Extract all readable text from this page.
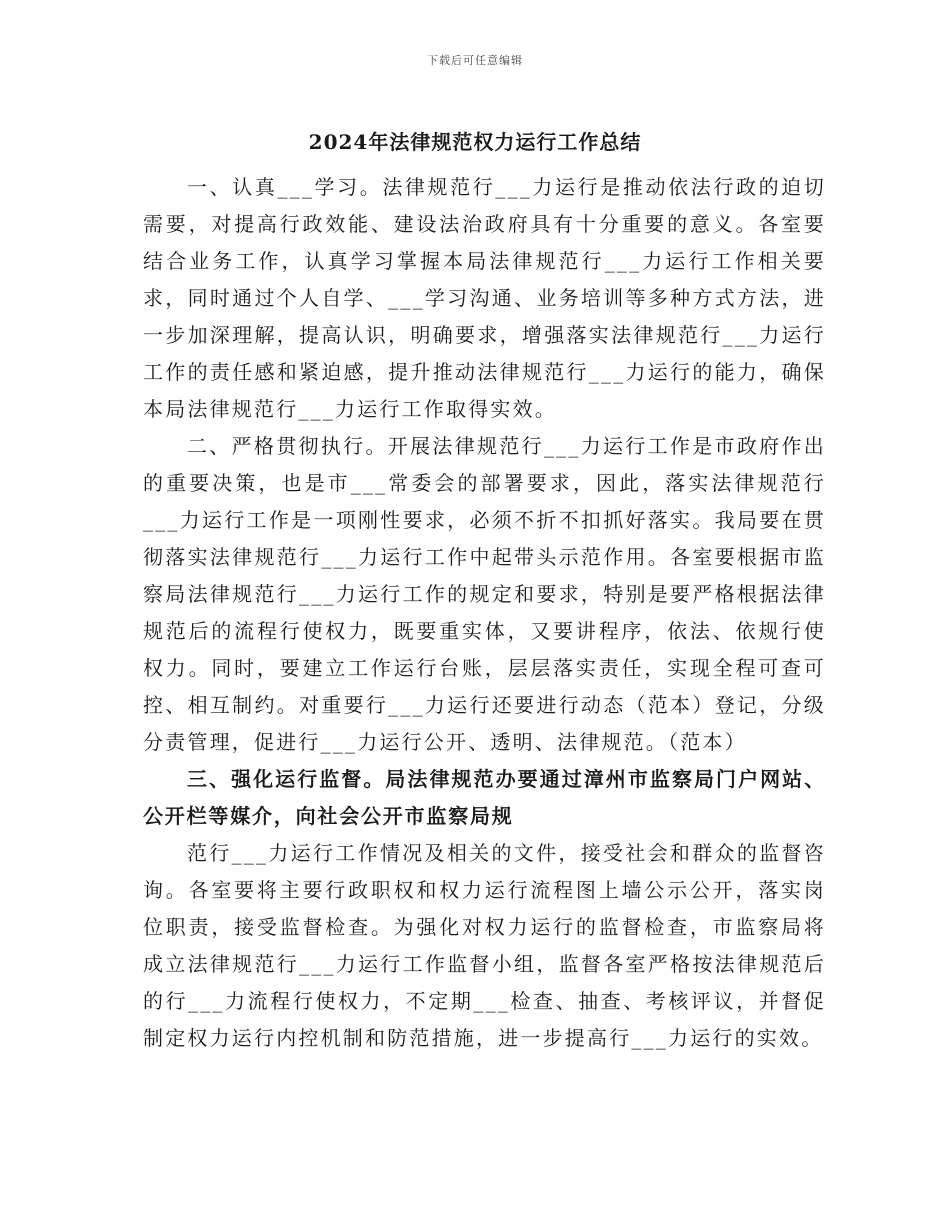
下载后可任意编辑
2024年法律规范权力运行工作总结

一、认真___学习。法律规范行___力运行是推动依法行政的迫切需要，对提高行政效能、建设法治政府具有十分重要的意义。各室要结合业务工作，认真学习掌握本局法律规范行___力运行工作相关要求，同时通过个人自学、___学习沟通、业务培训等多种方式方法，进一步加深理解，提高认识，明确要求，增强落实法律规范行___力运行工作的责任感和紧迫感，提升推动法律规范行___力运行的能力，确保本局法律规范行___力运行工作取得实效。

二、严格贯彻执行。开展法律规范行___力运行工作是市政府作出的重要决策，也是市___常委会的部署要求，因此，落实法律规范行___力运行工作是一项刚性要求，必须不折不扣抓好落实。我局要在贯彻落实法律规范行___力运行工作中起带头示范作用。各室要根据市监察局法律规范行___力运行工作的规定和要求，特别是要严格根据法律规范后的流程行使权力，既要重实体，又要讲程序，依法、依规行使权力。同时，要建立工作运行台账，层层落实责任，实现全程可查可控、相互制约。对重要行___力运行还要进行动态（范本）登记，分级分责管理，促进行___力运行公开、透明、法律规范。（范本）

三、强化运行监督。局法律规范办要通过漳州市监察局门户网站、公开栏等媒介，向社会公开市监察局规

范行___力运行工作情况及相关的文件，接受社会和群众的监督咨询。各室要将主要行政职权和权力运行流程图上墙公示公开，落实岗位职责，接受监督检查。为强化对权力运行的监督检查，市监察局将成立法律规范行___力运行工作监督小组，监督各室严格按法律规范后的行___力流程行使权力，不定期___检查、抽查、考核评议，并督促制定权力运行内控机制和防范措施，进一步提高行___力运行的实效。
